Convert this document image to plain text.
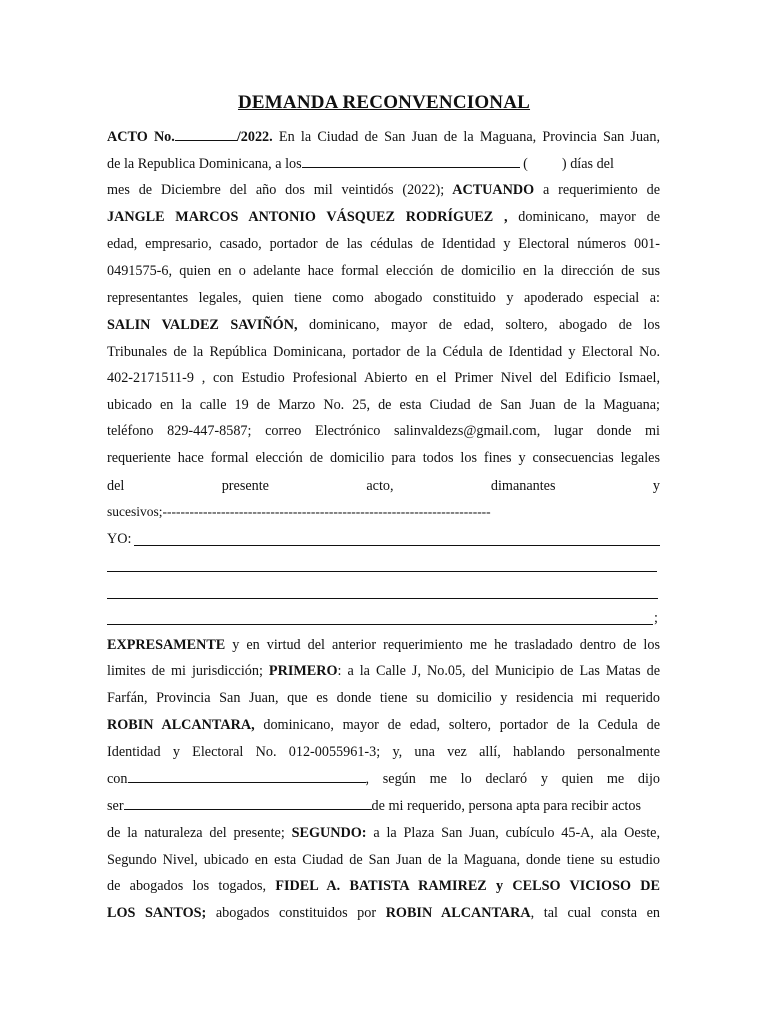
DEMANDA RECONVENCIONAL
ACTO No.	/2022. En la Ciudad de San Juan de la Maguana, Provincia San Juan,
de la Republica Dominicana, a los	( ) días del
mes de Diciembre del año dos mil veintidós (2022); ACTUANDO a requerimiento de
JANGLE MARCOS ANTONIO VÁSQUEZ RODRÍGUEZ , dominicano, mayor de
edad, empresario, casado, portador de las cédulas de Identidad y Electoral números 001-
0491575-6, quien en o adelante hace formal elección de domicilio en la dirección de sus
representantes legales, quien tiene como abogado constituido y apoderado especial a:
SALIN VALDEZ SAVIÑÓN, dominicano, mayor de edad, soltero, abogado de los
Tribunales de la República Dominicana, portador de la Cédula de Identidad y Electoral No.
402-2171511-9 , con Estudio Profesional Abierto en el Primer Nivel del Edificio Ismael,
ubicado en la calle 19 de Marzo No. 25, de esta Ciudad de San Juan de la Maguana;
teléfono 829-447-8587; correo Electrónico salinvaldezs@gmail.com, lugar donde mi
requeriente hace formal elección de domicilio para todos los fines y consecuencias legales
del	presente	acto,	dimanantes	y
sucesivos;-------------------------------------------------------------------------
YO:
;
EXPRESAMENTE y en virtud del anterior requerimiento me he trasladado dentro de los
limites de mi jurisdicción; PRIMERO: a la Calle J, No.05, del Municipio de Las Matas de
Farfán, Provincia San Juan, que es donde tiene su domicilio y residencia mi requerido
ROBIN ALCANTARA, dominicano, mayor de edad, soltero, portador de la Cedula de
Identidad y Electoral No. 012-0055961-3; y, una vez allí, hablando personalmente
con	, según me lo declaró y quien me dijo
ser	de mi requerido, persona apta para recibir actos
de la naturaleza del presente; SEGUNDO: a la Plaza San Juan, cubículo 45-A, ala Oeste,
Segundo Nivel, ubicado en esta Ciudad de San Juan de la Maguana, donde tiene su estudio
de abogados los togados, FIDEL A. BATISTA RAMIREZ y CELSO VICIOSO DE
LOS SANTOS; abogados constituidos por ROBIN ALCANTARA, tal cual consta en
